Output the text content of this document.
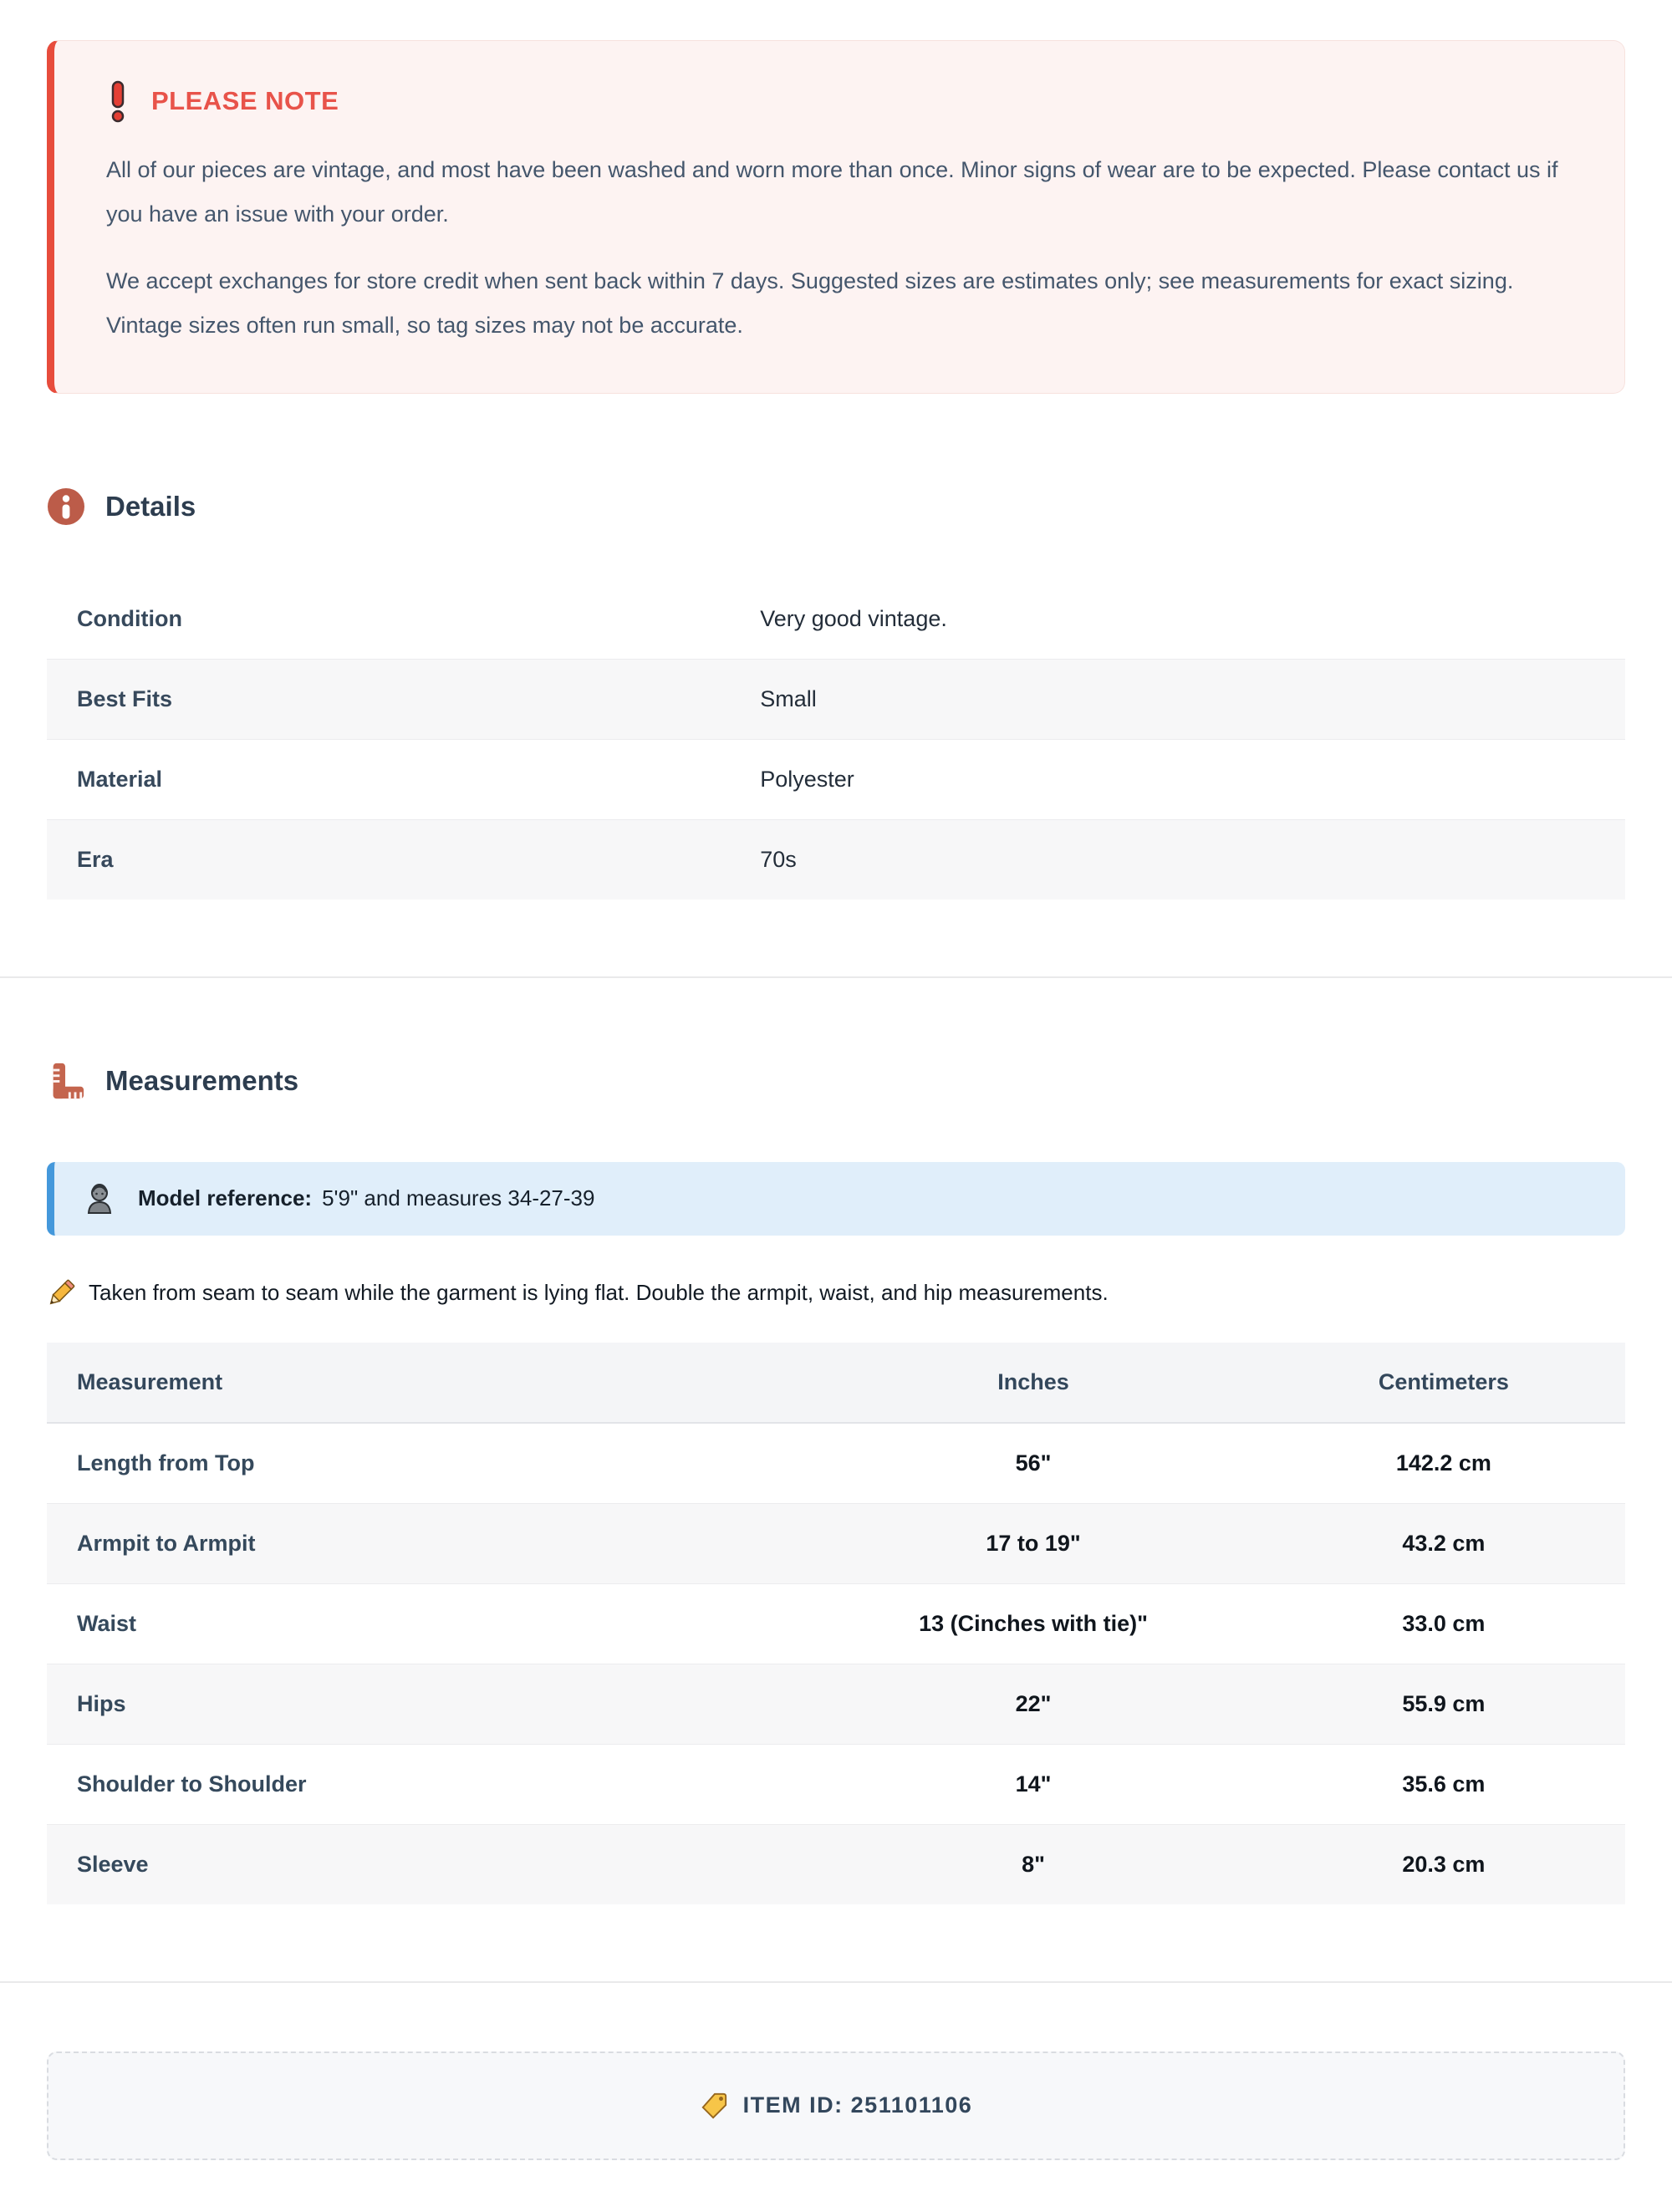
PLEASE NOTE

All of our pieces are vintage, and most have been washed and worn more than once. Minor signs of wear are to be expected. Please contact us if you have an issue with your order.

We accept exchanges for store credit when sent back within 7 days. Suggested sizes are estimates only; see measurements for exact sizing. Vintage sizes often run small, so tag sizes may not be accurate.

Details
Condition	Very good vintage.
Best Fits	Small
Material	Polyester
Era	70s
Measurements

Model reference: 5'9" and measures 34-27-39

Taken from seam to seam while the garment is lying flat. Double the armpit, waist, and hip measurements.

Measurement	Inches	Centimeters
Length from Top	56"	142.2 cm
Armpit to Armpit	17 to 19"	43.2 cm
Waist	13 (Cinches with tie)"	33.0 cm
Hips	22"	55.9 cm
Shoulder to Shoulder	14"	35.6 cm
Sleeve	8"	20.3 cm
ITEM ID: 251101106
